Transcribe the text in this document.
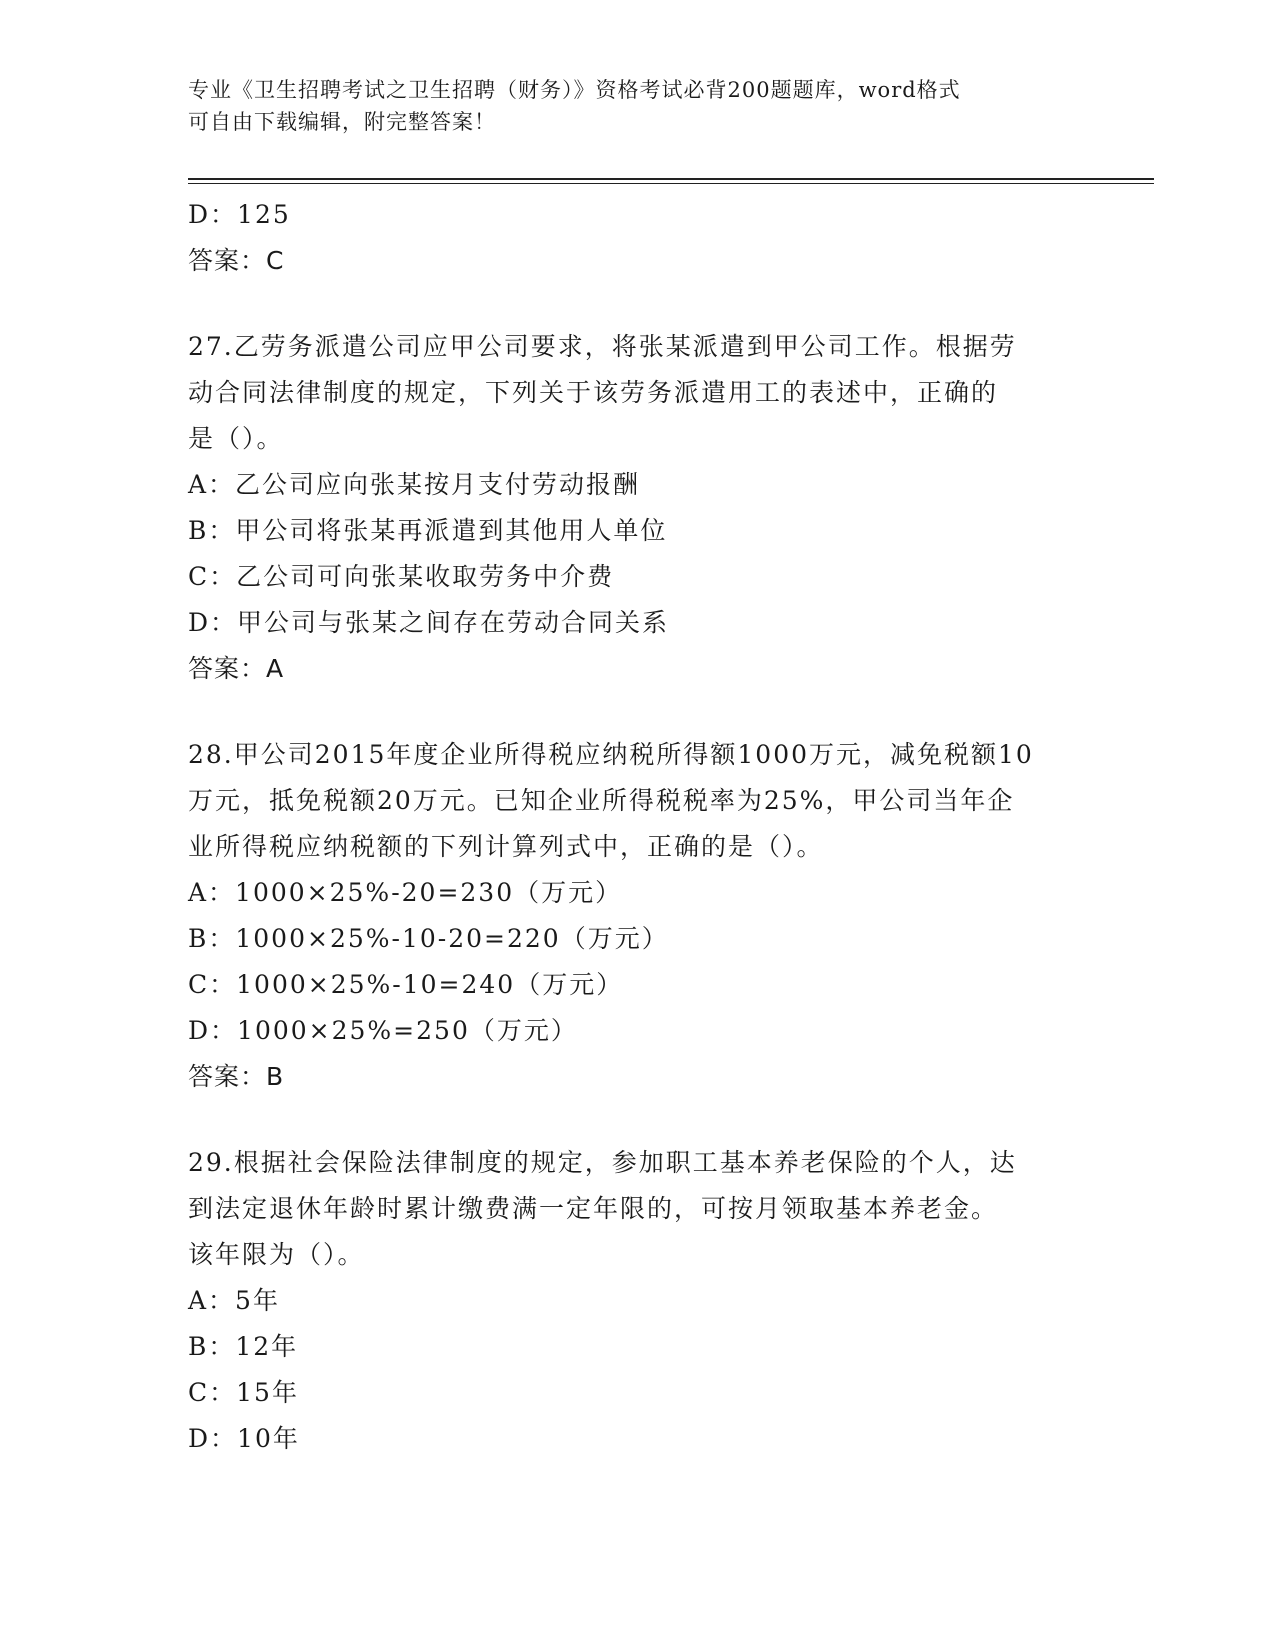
专业《卫生招聘考试之卫生招聘（财务）》资格考试必背200题题库，word格式
可自由下载编辑，附完整答案！
D：125
答案：C
27.乙劳务派遣公司应甲公司要求，将张某派遣到甲公司工作。根据劳
动合同法律制度的规定，下列关于该劳务派遣用工的表述中，正确的
是（）。
A：乙公司应向张某按月支付劳动报酬
B：甲公司将张某再派遣到其他用人单位
C：乙公司可向张某收取劳务中介费
D：甲公司与张某之间存在劳动合同关系
答案：A
28.甲公司2015年度企业所得税应纳税所得额1000万元，减免税额10
万元，抵免税额20万元。已知企业所得税税率为25%，甲公司当年企
业所得税应纳税额的下列计算列式中，正确的是（）。
A：1000×25%-20=230（万元）
B：1000×25%-10-20=220（万元）
C：1000×25%-10=240（万元）
D：1000×25%=250（万元）
答案：B
29.根据社会保险法律制度的规定，参加职工基本养老保险的个人，达
到法定退休年龄时累计缴费满一定年限的，可按月领取基本养老金。
该年限为（）。
A：5年
B：12年
C：15年
D：10年
